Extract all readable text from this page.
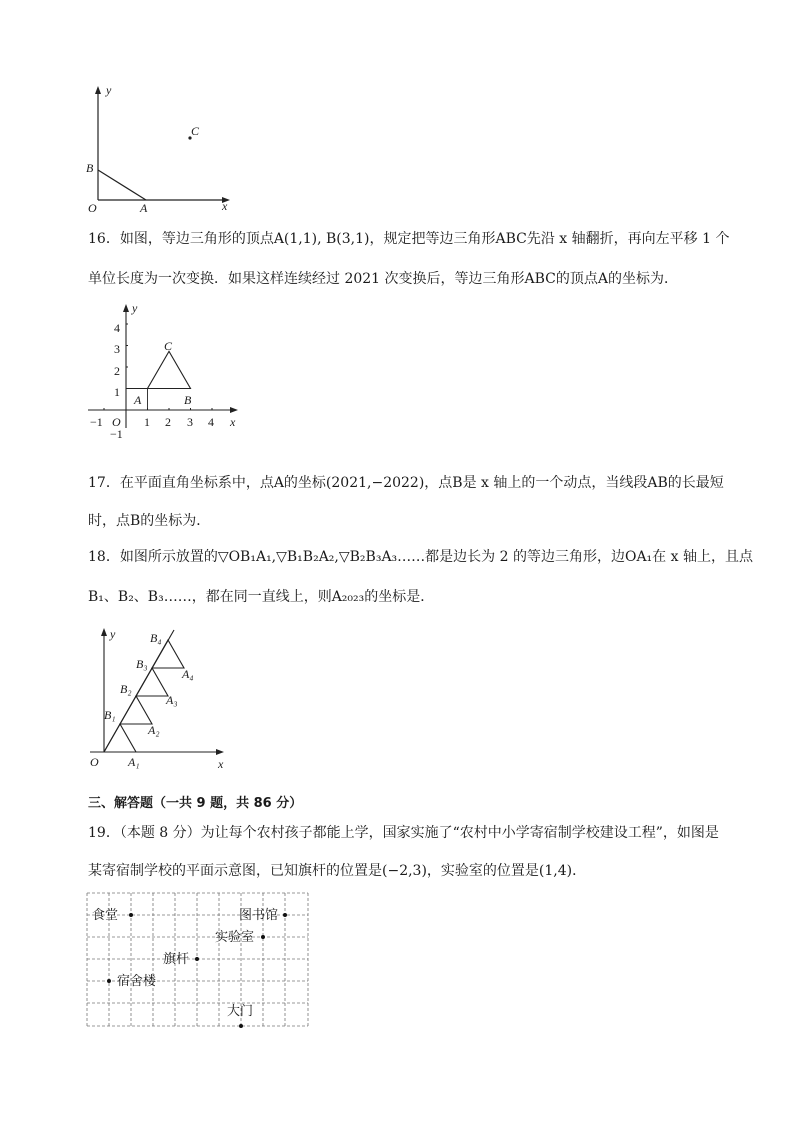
y
x
O	A
B
C
16．如图，等边三角形的顶点A(1,1), B(3,1)，规定把等边三角形ABC先沿 x 轴翻折，再向左平移 1 个
单位长度为一次变换．如果这样连续经过 2021 次变换后，等边三角形ABC的顶点A的坐标为．
4
3
2
1
−1
−1	1 2 3 4
O
y
x
A	B
C
17．在平面直角坐标系中，点A的坐标(2021,−2022)，点B是 x 轴上的一个动点，当线段AB的长最短
时，点B的坐标为．
18．如图所示放置的▽OB₁A₁,▽B₁B₂A₂,▽B₂B₃A₃……都是边长为 2 的等边三角形，边OA₁在 x 轴上，且点
B₁、B₂、B₃……，都在同一直线上，则A₂₀₂₃的坐标是．
y
x
O
B₁
B₂
B₃
B₄
A₁
A₂
A₃
A₄
三、解答题（一共 9 题，共 86 分）
19．（本题 8 分）为让每个农村孩子都能上学，国家实施了“农村中小学寄宿制学校建设工程”，如图是
某寄宿制学校的平面示意图，已知旗杆的位置是(−2,3)，实验室的位置是(1,4)．
食堂	图书馆
实验室
旗杆
宿舍楼
大门
